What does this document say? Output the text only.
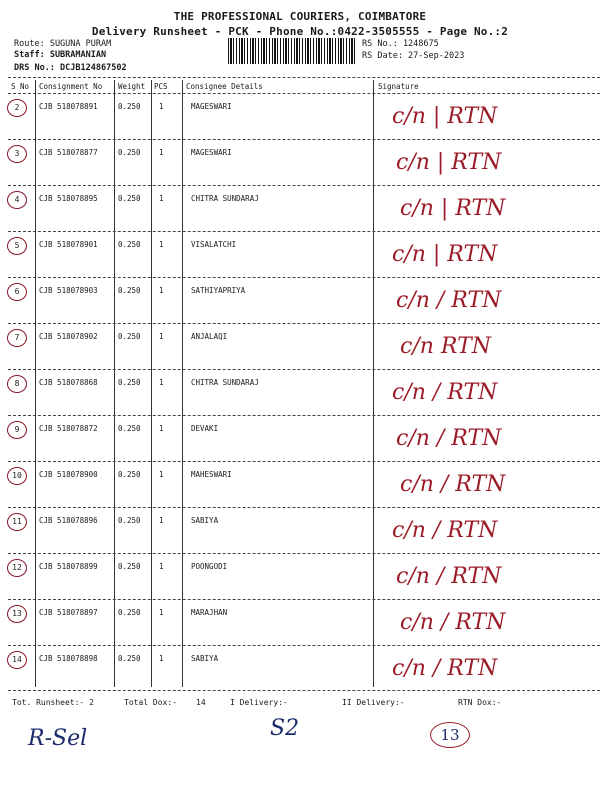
THE PROFESSIONAL COURIERS, COIMBATORE
Delivery Runsheet - PCK - Phone No.:0422-3505555 - Page No.:2
Route: SUGUNA PURAM
Staff: SUBRAMANIAN
DRS No.: DCJB124867502
RS No.: 1248675
RS Date: 27-Sep-2023
S No Consignment No Weight PCS Consignee Details	Signature
2	CJB 518078891	0.250 1	MAGESWARI	c/n | RTN
3	CJB 518078877	0.250 1	MAGESWARI	c/n | RTN
4	CJB 518078895	0.250 1	CHITRA SUNDARAJ	c/n | RTN
5	CJB 518078901	0.250 1	VISALATCHI	c/n | RTN
6	CJB 518078903	0.250 1	SATHIYAPRIYA	c/n / RTN
7	CJB 518078902	0.250 1	ANJALAQI	c/n RTN
8	CJB 518078868	0.250 1	CHITRA SUNDARAJ	c/n / RTN
9	CJB 518078872	0.250 1	DEVAKI	c/n / RTN
10	CJB 518078900	0.250 1	MAHESWARI	c/n / RTN
11	CJB 518078896	0.250 1	SABIYA	c/n / RTN
12	CJB 518078899	0.250 1	POONGODI	c/n / RTN
13	CJB 518078897	0.250 1	MARAJHAN	c/n / RTN
14	CJB 518078898	0.250 1	SABIYA	c/n / RTN
Tot. Runsheet:- 2	Total Dox:- 14	I Delivery:-	II Delivery:-	RTN Dox:-
R-Sel	S2	13
